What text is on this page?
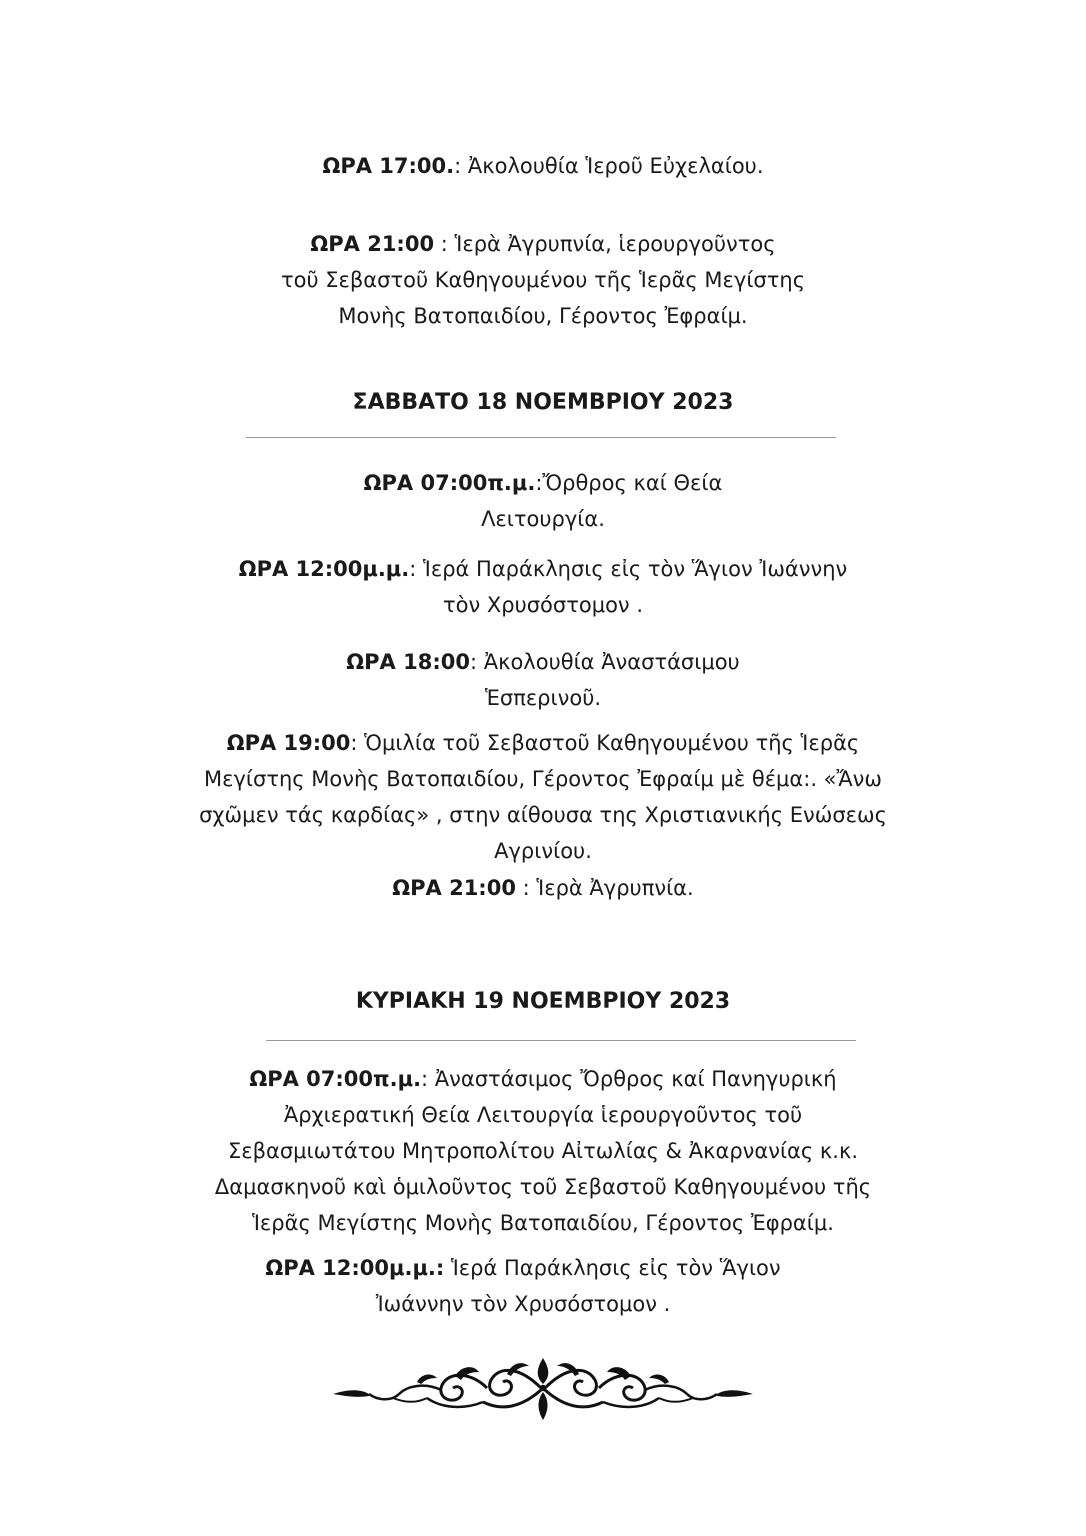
ΩΡΑ 17:00.: Ἀκολουθία Ἱεροῦ Εὐχελαίου.
ΩΡΑ 21:00 : Ἱερὰ Ἀγρυπνία, ἱερουργοῦντος
τοῦ Σεβαστοῦ Καθηγουμένου τῆς Ἱερᾶς Μεγίστης
Μονὴς Βατοπαιδίου, Γέροντος Ἐφραίμ.
ΣΑΒΒΑΤΟ 18 ΝΟΕΜΒΡΙΟΥ 2023
ΩΡΑ 07:00π.μ.:Ὄρθρος καί Θεία
Λειτουργία.
ΩΡΑ 12:00μ.μ.: Ἱερά Παράκλησις εἰς τὸν Ἅγιον Ἰωάννην
τὸν Χρυσόστομον .
ΩΡΑ 18:00: Ἀκολουθία Ἀναστάσιμου
Ἑσπερινοῦ.
ΩΡΑ 19:00: Ὁμιλία τοῦ Σεβαστοῦ Καθηγουμένου τῆς Ἱερᾶς
Μεγίστης Μονὴς Βατοπαιδίου, Γέροντος Ἐφραίμ μὲ θέμα:. «Ἄνω
σχῶμεν τάς καρδίας» , στην αίθουσα της Χριστιανικής Ενώσεως
Αγρινίου.
ΩΡΑ 21:00 : Ἱερὰ Ἀγρυπνία.
ΚΥΡΙΑΚΗ 19 ΝΟΕΜΒΡΙΟΥ 2023
ΩΡΑ 07:00π.μ.: Ἀναστάσιμος Ὄρθρος καί Πανηγυρική
Ἀρχιερατική Θεία Λειτουργία ἱερουργοῦντος τοῦ
Σεβασμιωτάτου Μητροπολίτου Αἰτωλίας & Ἀκαρνανίας κ.κ.
Δαμασκηνοῦ καὶ ὁμιλοῦντος τοῦ Σεβαστοῦ Καθηγουμένου τῆς
Ἱερᾶς Μεγίστης Μονὴς Βατοπαιδίου, Γέροντος Ἐφραίμ.
ΩΡΑ 12:00μ.μ.: Ἱερά Παράκλησις εἰς τὸν Ἅγιον
Ἰωάννην τὸν Χρυσόστομον .
